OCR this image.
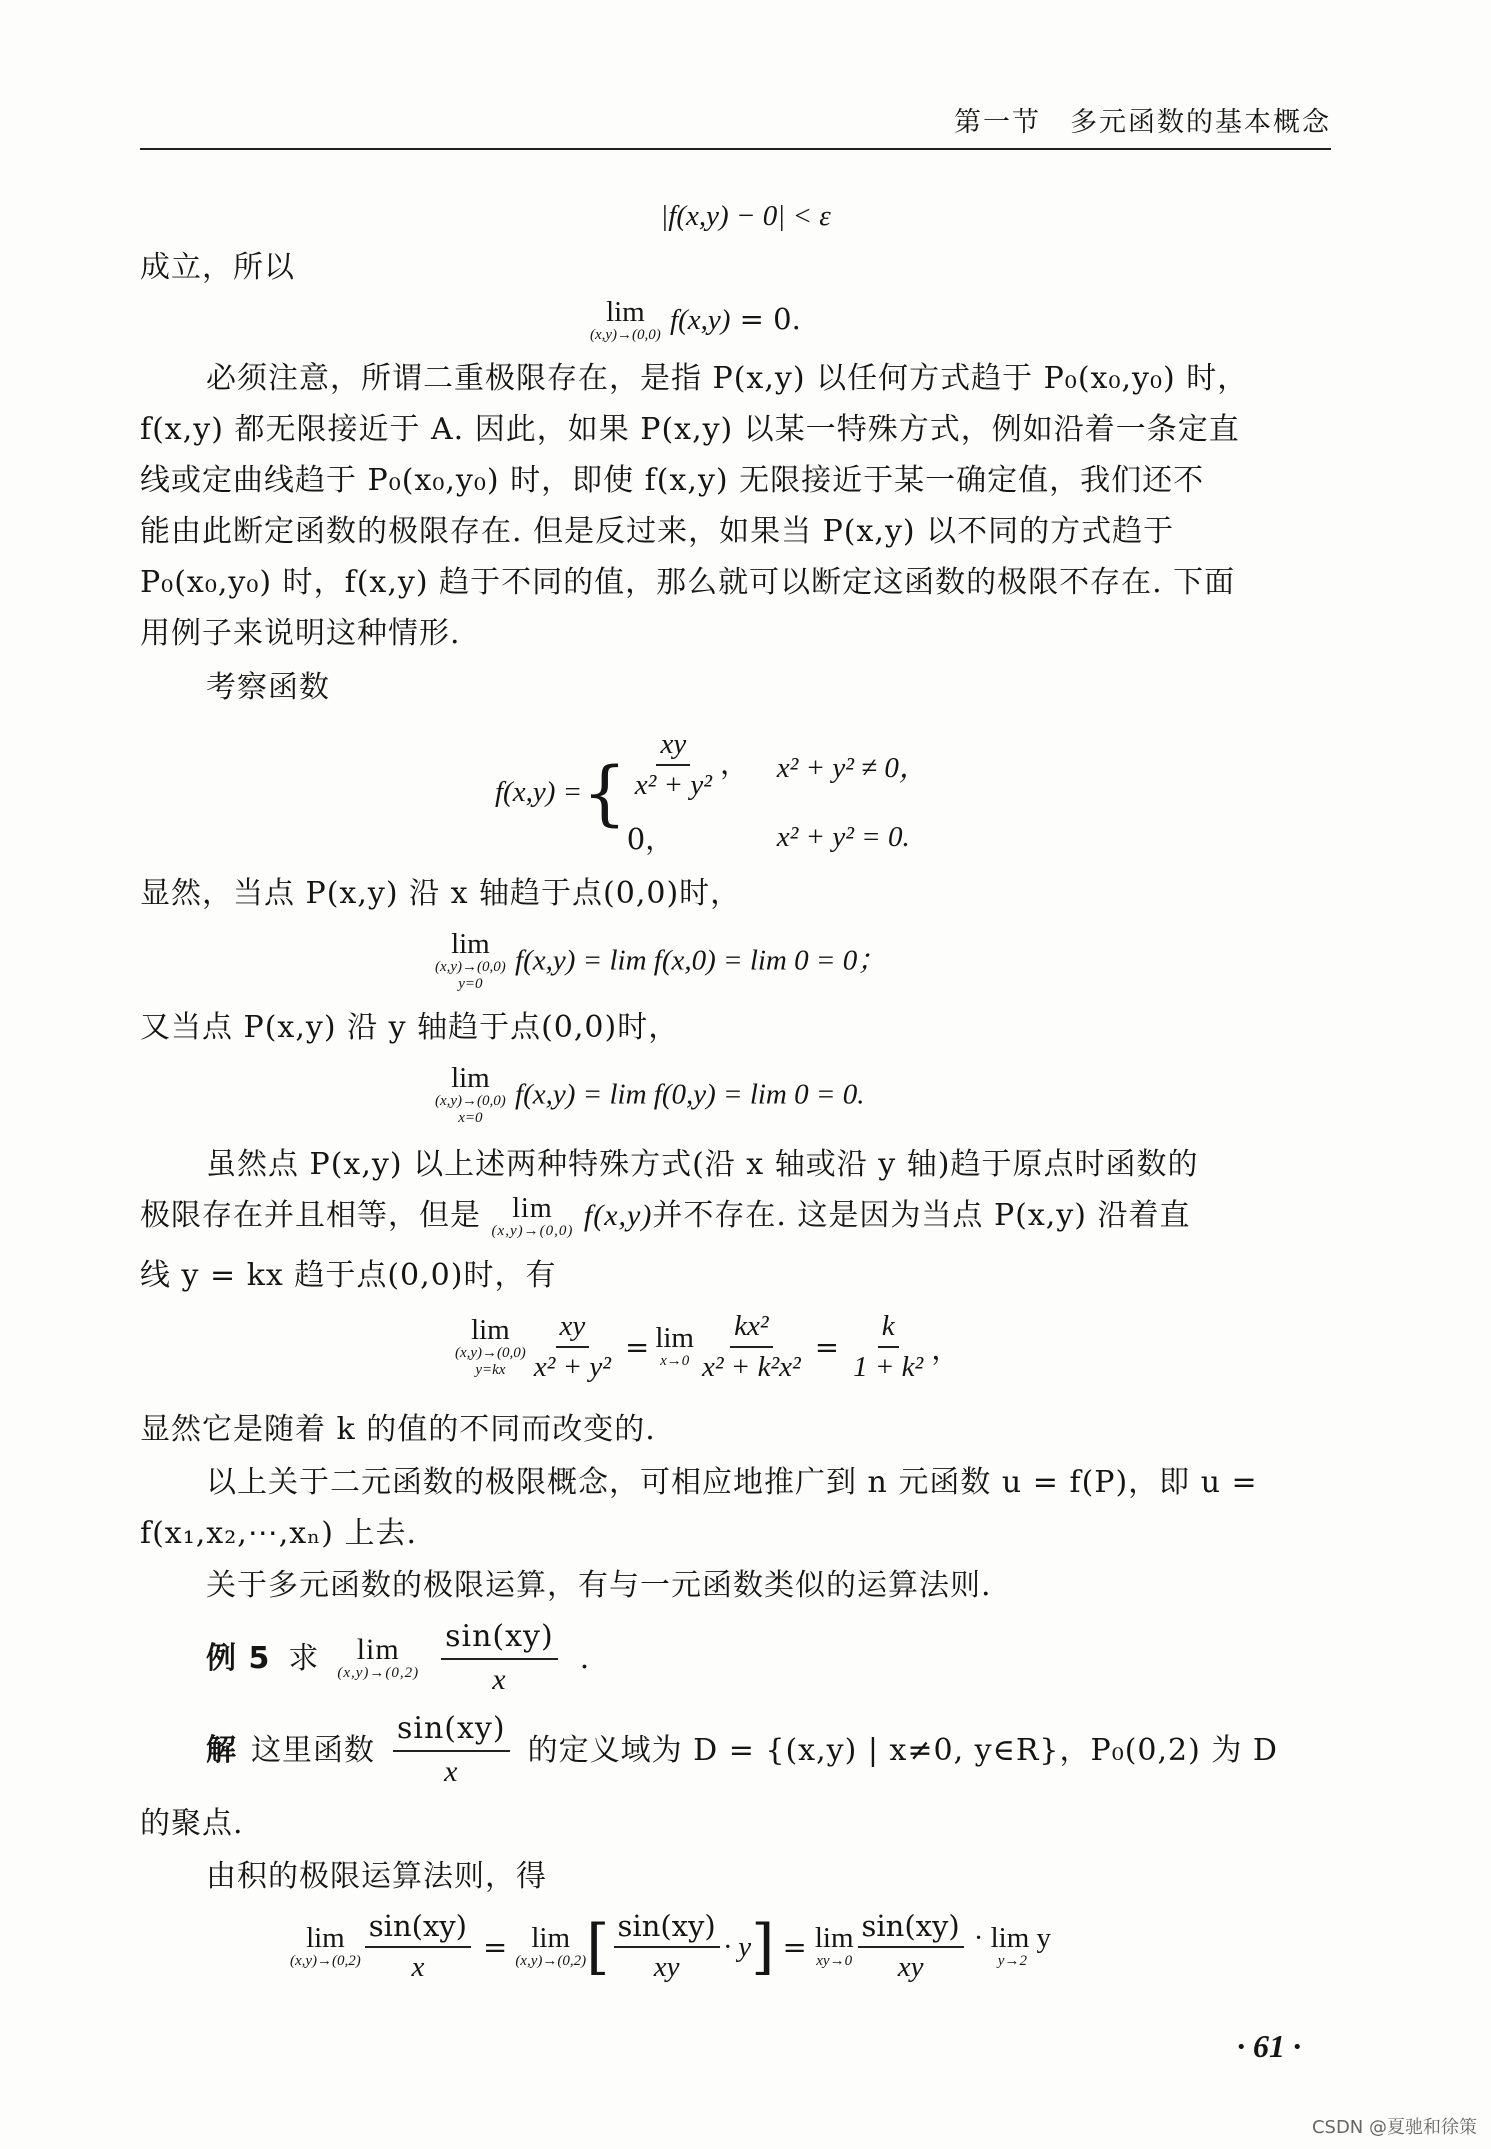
第一节　多元函数的基本概念
|f(x,y) − 0| < ε
成立，所以
lim
(x,y)→(0,0) f(x,y) = 0.
必须注意，所谓二重极限存在，是指 P(x,y) 以任何方式趋于 P₀(x₀,y₀) 时，
f(x,y) 都无限接近于 A. 因此，如果 P(x,y) 以某一特殊方式，例如沿着一条定直
线或定曲线趋于 P₀(x₀,y₀) 时，即使 f(x,y) 无限接近于某一确定值，我们还不
能由此断定函数的极限存在. 但是反过来，如果当 P(x,y) 以不同的方式趋于
P₀(x₀,y₀) 时，f(x,y) 趋于不同的值，那么就可以断定这函数的极限不存在. 下面
用例子来说明这种情形.
考察函数
f(x,y) = { $\frac{xy}{\text{x² + y²}}$ ， x² + y² ≠ 0，
0，	x² + y² = 0.
显然，当点 P(x,y) 沿 x 轴趋于点(0,0)时，
lim
(x,y)→(0,0)
y=0
f(x,y) = lim f(x,0) = lim 0 = 0；
又当点 P(x,y) 沿 y 轴趋于点(0,0)时，
lim
(x,y)→(0,0)
x=0
f(x,y) = lim f(0,y) = lim 0 = 0.
虽然点 P(x,y) 以上述两种特殊方式(沿 x 轴或沿 y 轴)趋于原点时函数的
极限存在并且相等，但是 lim
(x,y)→(0,0) f(x,y)并不存在. 这是因为当点 P(x,y) 沿着直
线 y = kx 趋于点(0,0)时，有
lim
(x,y)→(0,0)
$y=kx \frac{xy}{\text{x² + y²}} = \lim$
$x\to 0 \frac{\text{kx²}}{\text{x² + k²x²}} = \frac{k}{\text{1 + k²}}$ ，
显然它是随着 k 的值的不同而改变的.
以上关于二元函数的极限概念，可相应地推广到 n 元函数 u = f(P)，即 u =
f(x₁,x₂,⋯,xₙ) 上去.
关于多元函数的极限运算，有与一元函数类似的运算法则.
例 5 求 lim
$(x,y)\to(0,2) \frac{\sin(xy)}{x}$ .
解 这里函数 $\frac{\sin(xy)}{x}$ 的定义域为 D = {(x,y) | x≠0, y∈R}，P₀(0,2) 为 D
的聚点.
由积的极限运算法则，得
lim
$(x,y)\to(0,2) \frac{\sin(xy)}{x} = \lim$
(x,y)→(0,2) [ $\frac{\sin(xy)}{xy} \cdot y$ ] = lim
$xy\to 0 \frac{\sin(xy)}{xy} \cdot \lim y$
y→2
· 61 ·
CSDN @夏驰和徐策
